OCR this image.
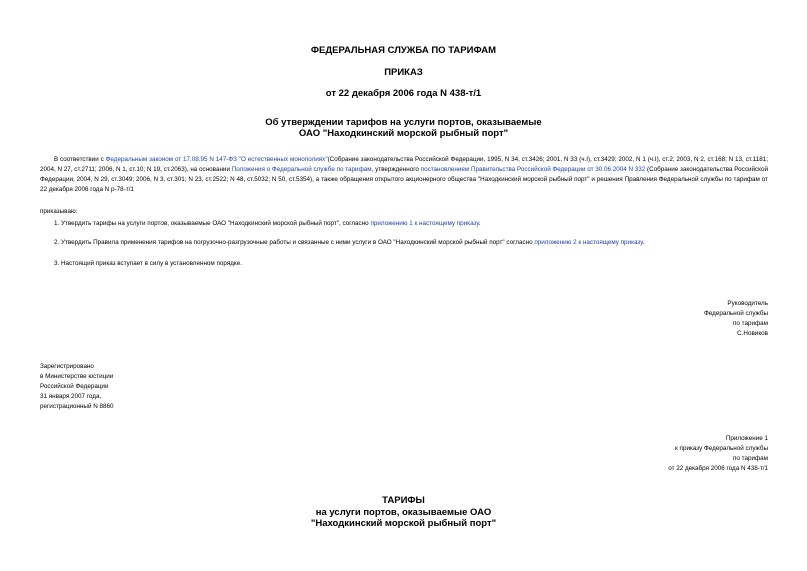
ФЕДЕРАЛЬНАЯ СЛУЖБА ПО ТАРИФАМ
ПРИКАЗ
от 22 декабря 2006 года N 438-т/1
Об утверждении тарифов на услуги портов, оказываемые
ОАО "Находкинский морской рыбный порт"
В соответствии с Федеральным законом от 17.08.95 N 147-ФЗ "О естественных монополиях"(Собрание законодательства Российской Федерации, 1995, N 34, ст.3426; 2001, N 33 (ч.I), ст.3429; 2002, N 1 (ч.I), ст.2; 2003, N 2, ст.168; N 13, ст.1181; 2004, N 27, ст.2711; 2006, N 1, ст.10; N 19, ст.2063), на основании Положения о Федеральной службе по тарифам, утвержденного постановлением Правительства Российской Федерации от 30.06.2004 N 332 (Собрание законодательства Российской Федерации, 2004, N 29, ст.3049; 2006, N 3, ст.301; N 23, ст.2522; N 48, ст.5032; N 50, ст.5354), а также обращения открытого акционерного общества "Находкинский морской рыбный порт" и решения Правления Федеральной службы по тарифам от 22 декабря 2006 года N р-78-т/1
приказываю:
1. Утвердить тарифы на услуги портов, оказываемые ОАО "Находкинский морской рыбный порт", согласно приложению 1 к настоящему приказу.
2. Утвердить Правила применения тарифов на погрузочно-разгрузочные работы и связанные с ними услуги в ОАО "Находкинский морской рыбный порт" согласно приложению 2 к настоящему приказу.
3. Настоящий приказ вступает в силу в установленном порядке.
Руководитель
Федеральной службы
по тарифам
С.Новиков
Зарегистрировано
в Министерстве юстиции
Российской Федерации
31 января 2007 года,
регистрационный N 8860
Приложение 1
к приказу Федеральной службы
по тарифам
от 22 декабря 2006 года N 438-т/1
ТАРИФЫ
на услуги портов, оказываемые ОАО
"Находкинский морской рыбный порт"
